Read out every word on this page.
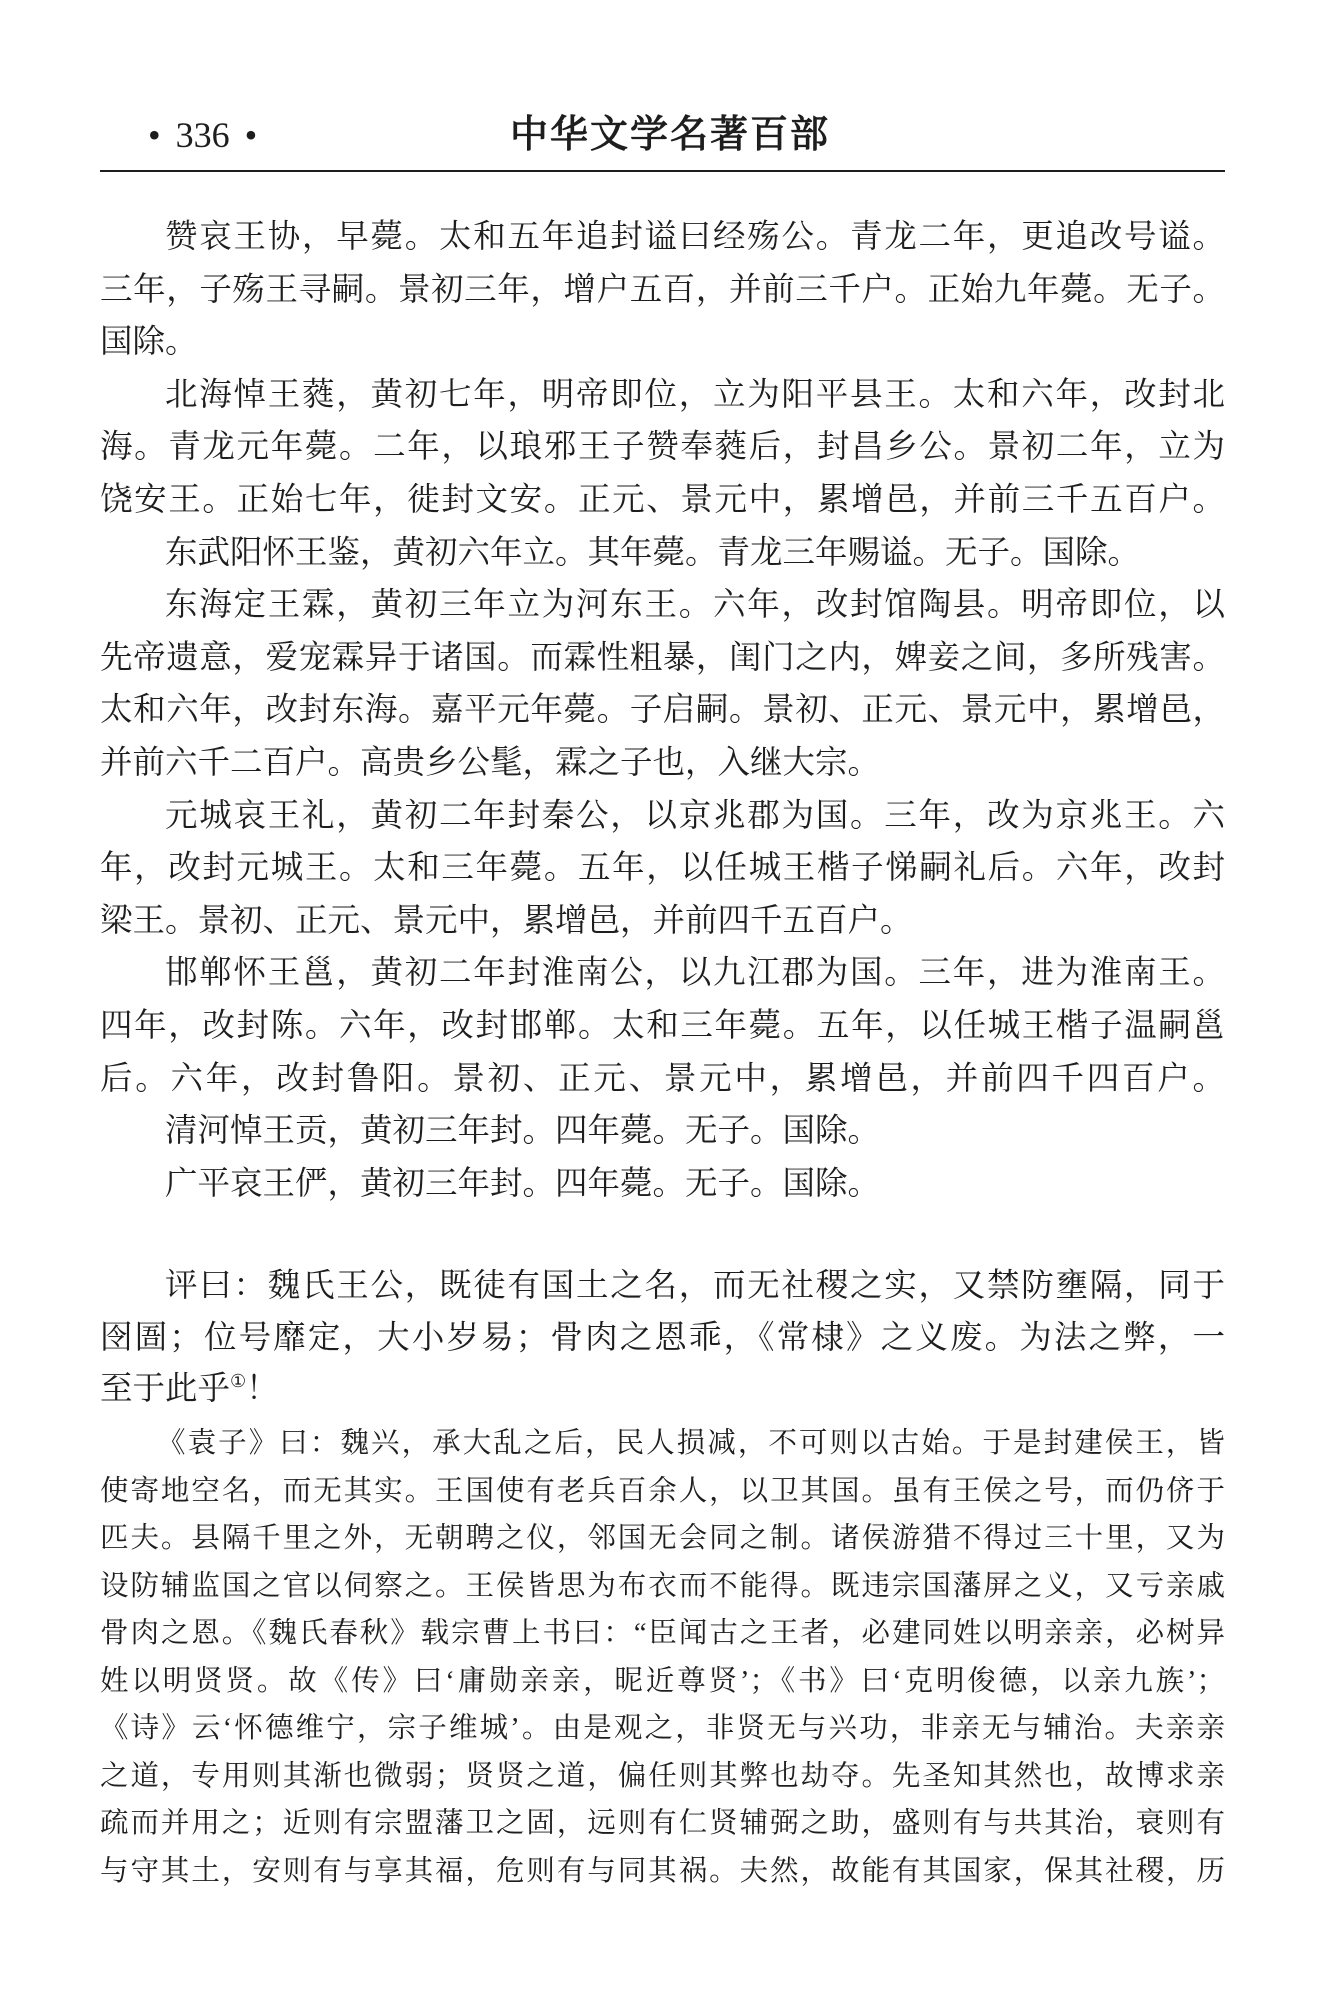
• 336 •	中华文学名著百部
赞哀王协，早薨。太和五年追封谥曰经殇公。青龙二年，更追改号谥。
三年，子殇王寻嗣。景初三年，增户五百，并前三千户。正始九年薨。无子。
国除。
北海悼王蕤，黄初七年，明帝即位，立为阳平县王。太和六年，改封北
海。青龙元年薨。二年，以琅邪王子赞奉蕤后，封昌乡公。景初二年，立为
饶安王。正始七年，徙封文安。正元、景元中，累增邑，并前三千五百户。
东武阳怀王鉴，黄初六年立。其年薨。青龙三年赐谥。无子。国除。
东海定王霖，黄初三年立为河东王。六年，改封馆陶县。明帝即位，以
先帝遗意，爱宠霖异于诸国。而霖性粗暴，闺门之内，婢妾之间，多所残害。
太和六年，改封东海。嘉平元年薨。子启嗣。景初、正元、景元中，累增邑，
并前六千二百户。高贵乡公髦，霖之子也，入继大宗。
元城哀王礼，黄初二年封秦公，以京兆郡为国。三年，改为京兆王。六
年，改封元城王。太和三年薨。五年，以任城王楷子悌嗣礼后。六年，改封
梁王。景初、正元、景元中，累增邑，并前四千五百户。
邯郸怀王邕，黄初二年封淮南公，以九江郡为国。三年，进为淮南王。
四年，改封陈。六年，改封邯郸。太和三年薨。五年，以任城王楷子温嗣邕
后。六年，改封鲁阳。景初、正元、景元中，累增邑，并前四千四百户。
清河悼王贡，黄初三年封。四年薨。无子。国除。
广平哀王俨，黄初三年封。四年薨。无子。国除。
评曰：魏氏王公，既徒有国土之名，而无社稷之实，又禁防壅隔，同于
囹圄；位号靡定，大小岁易；骨肉之恩乖，《常棣》之义废。为法之弊，一
至于此乎①！
《袁子》曰：魏兴，承大乱之后，民人损减，不可则以古始。于是封建侯王，皆
使寄地空名，而无其实。王国使有老兵百余人，以卫其国。虽有王侯之号，而仍侪于
匹夫。县隔千里之外，无朝聘之仪，邻国无会同之制。诸侯游猎不得过三十里，又为
设防辅监国之官以伺察之。王侯皆思为布衣而不能得。既违宗国藩屏之义，又亏亲戚
骨肉之恩。《魏氏春秋》载宗曹上书曰：“臣闻古之王者，必建同姓以明亲亲，必树异
姓以明贤贤。故《传》曰‘庸勋亲亲，昵近尊贤’；《书》曰‘克明俊德，以亲九族’；
《诗》云‘怀德维宁，宗子维城’。由是观之，非贤无与兴功，非亲无与辅治。夫亲亲
之道，专用则其渐也微弱；贤贤之道，偏任则其弊也劫夺。先圣知其然也，故博求亲
疏而并用之；近则有宗盟藩卫之固，远则有仁贤辅弼之助，盛则有与共其治，衰则有
与守其土，安则有与享其福，危则有与同其祸。夫然，故能有其国家，保其社稷，历
